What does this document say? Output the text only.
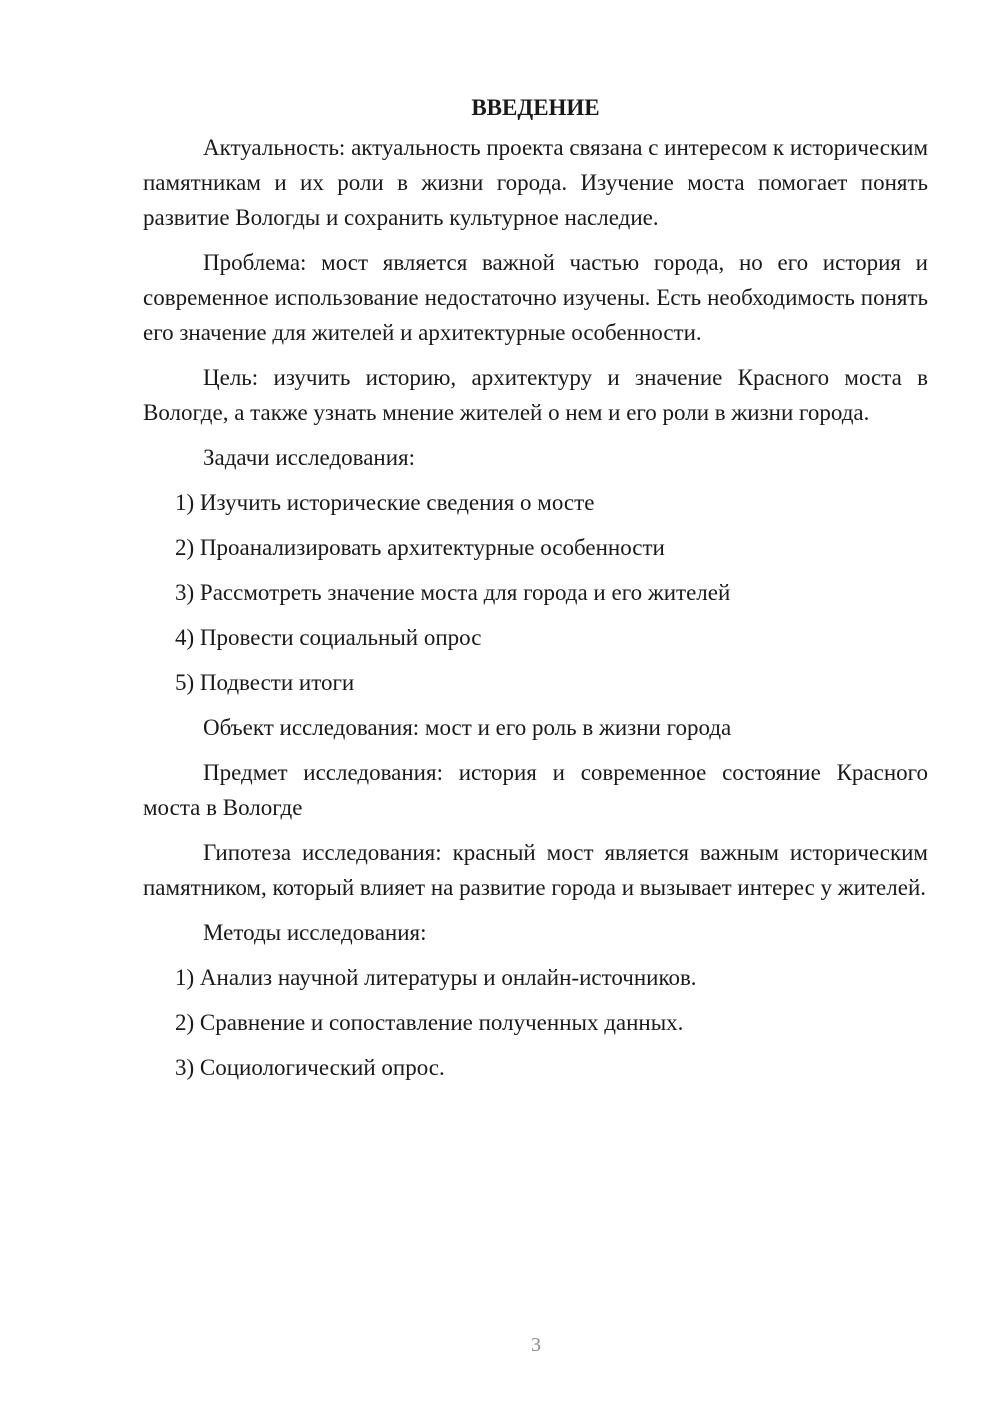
ВВЕДЕНИЕ

Актуальность: актуальность проекта связана с интересом к историческим памятникам и их роли в жизни города. Изучение моста помогает понять развитие Вологды и сохранить культурное наследие.

Проблема: мост является важной частью города, но его история и современное использование недостаточно изучены. Есть необходимость понять его значение для жителей и архитектурные особенности.

Цель: изучить историю, архитектуру и значение Красного моста в Вологде, а также узнать мнение жителей о нем и его роли в жизни города.

Задачи исследования:

1) Изучить исторические сведения о мосте

2) Проанализировать архитектурные особенности

3) Рассмотреть значение моста для города и его жителей

4) Провести социальный опрос

5) Подвести итоги

Объект исследования: мост и его роль в жизни города

Предмет исследования: история и современное состояние Красного моста в Вологде

Гипотеза исследования: красный мост является важным историческим памятником, который влияет на развитие города и вызывает интерес у жителей.

Методы исследования:

1) Анализ научной литературы и онлайн-источников.

2) Сравнение и сопоставление полученных данных.

3) Социологический опрос.

3
